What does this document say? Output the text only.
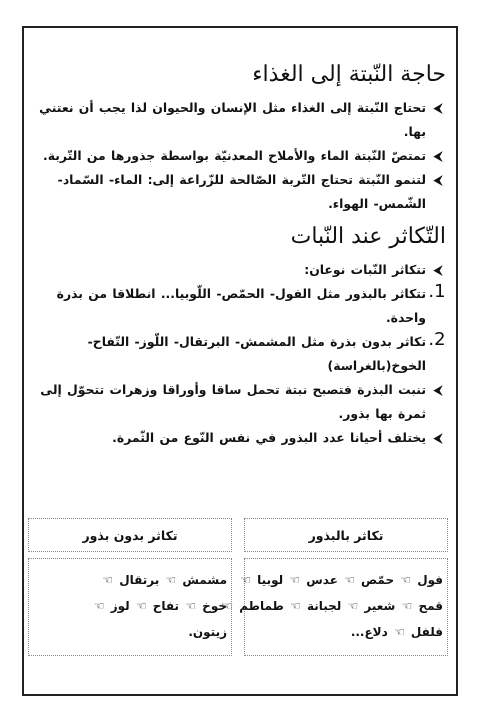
حاجة النّبتة إلى الغذاء

⮜
تحتاج النّبتة إلى الغذاء مثل الإنسان والحيوان لذا يجب أن نعتني بها.

⮜
تمتصّ النّبتة الماء والأملاح المعدنيّة بواسطة جذورها من التّربة.

⮜
لتنمو النّبتة تحتاج التّربة الصّالحة للزّراعة إلى: الماء- السّماد- الشّمس- الهواء.

التّكاثر عند النّبات

⮜
تتكاثر النّبات نوعان:

1.
تتكاثر بالبذور مثل الفول- الحمّص- اللّوبيا... انطلاقا من بذرة واحدة.

2.
تكاثر بدون بذرة مثل المشمش- البرتقال- اللّوز- التّفاح- الخوخ(بالغراسة)

⮜
تنبت البذرة فتصبح نبتة تحمل ساقا وأوراقا وزهرات تتحوّل إلى ثمرة بها بذور.

⮜
يختلف أحيانا عدد البذور في نفس النّوع من الثّمرة.

تكاثر بالبذور
فول ☜ حمّص ☜ عدس ☜ لوبيا ☜
قمح ☜ شعير ☜ لجبانة ☜ طماطم ☜
فلفل ☜ دلاع...
تكاثر بدون بذور
مشمش ☜ برتقال ☜
خوخ ☜ تفاح ☜ لوز ☜
زيتون.
